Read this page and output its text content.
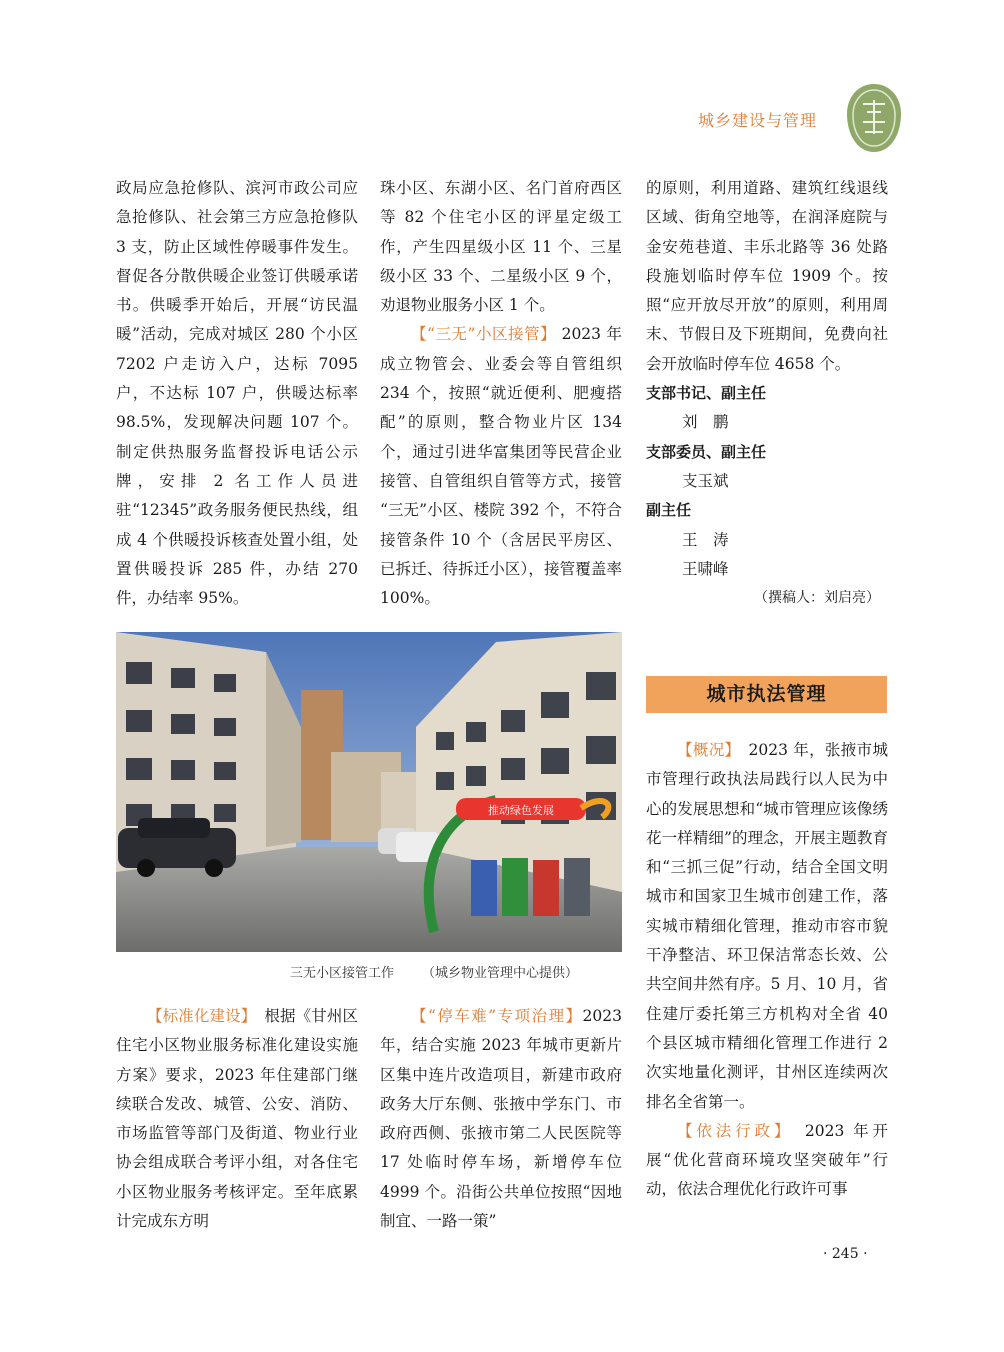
城乡建设与管理

政局应急抢修队、滨河市政公司应急抢修队、社会第三方应急抢修队 3 支，防止区域性停暖事件发生。督促各分散供暖企业签订供暖承诺书。供暖季开始后，开展“访民温暖”活动，完成对城区 280 个小区 7202 户走访入户，达标 7095 户，不达标 107 户，供暖达标率 98.5%，发现解决问题 107 个。制定供热服务监督投诉电话公示牌，安排 2 名工作人员进驻“12345”政务服务便民热线，组成 4 个供暖投诉核查处置小组，处置供暖投诉 285 件，办结 270 件，办结率 95%。

珠小区、东湖小区、名门首府西区等 82 个住宅小区的评星定级工作，产生四星级小区 11 个、三星级小区 33 个、二星级小区 9 个，劝退物业服务小区 1 个。

【“三无”小区接管】 2023 年成立物管会、业委会等自管组织 234 个，按照“就近便利、肥瘦搭配”的原则，整合物业片区 134 个，通过引进华富集团等民营企业接管、自管组织自管等方式，接管 “三无”小区、楼院 392 个，不符合接管条件 10 个（含居民平房区、已拆迁、待拆迁小区），接管覆盖率 100%。

的原则，利用道路、建筑红线退线区域、街角空地等，在润泽庭院与金安苑巷道、丰乐北路等 36 处路段施划临时停车位 1909 个。按照“应开放尽开放”的原则，利用周末、节假日及下班期间，免费向社会开放临时停车位 4658 个。

支部书记、副主任

刘　鹏

支部委员、副主任

支玉斌

副主任

王　涛

王啸峰

（撰稿人：刘启亮）

城市执法管理

【概况】　2023 年，张掖市城市管理行政执法局践行以人民为中心的发展思想和“城市管理应该像绣花一样精细”的理念，开展主题教育和“三抓三促”行动，结合全国文明城市和国家卫生城市创建工作，落实城市精细化管理，推动市容市貌干净整洁、环卫保洁常态长效、公共空间井然有序。5 月、10 月，省住建厅委托第三方机构对全省 40 个县区城市精细化管理工作进行 2 次实地量化测评，甘州区连续两次排名全省第一。

【依法行政】　2023 年开展“优化营商环境攻坚突破年”行动，依法合理优化行政许可事

推动绿色发展
三无小区接管工作 （城乡物业管理中心提供）

【标准化建设】　根据《甘州区住宅小区物业服务标准化建设实施方案》要求，2023 年住建部门继续联合发改、城管、公安、消防、市场监管等部门及街道、物业行业协会组成联合考评小组，对各住宅小区物业服务考核评定。至年底累计完成东方明

【“停车难”专项治理】2023 年，结合实施 2023 年城市更新片区集中连片改造项目，新建市政府政务大厅东侧、张掖中学东门、市政府西侧、张掖市第二人民医院等 17 处临时停车场，新增停车位 4999 个。沿街公共单位按照“因地制宜、一路一策”

· 245 ·
